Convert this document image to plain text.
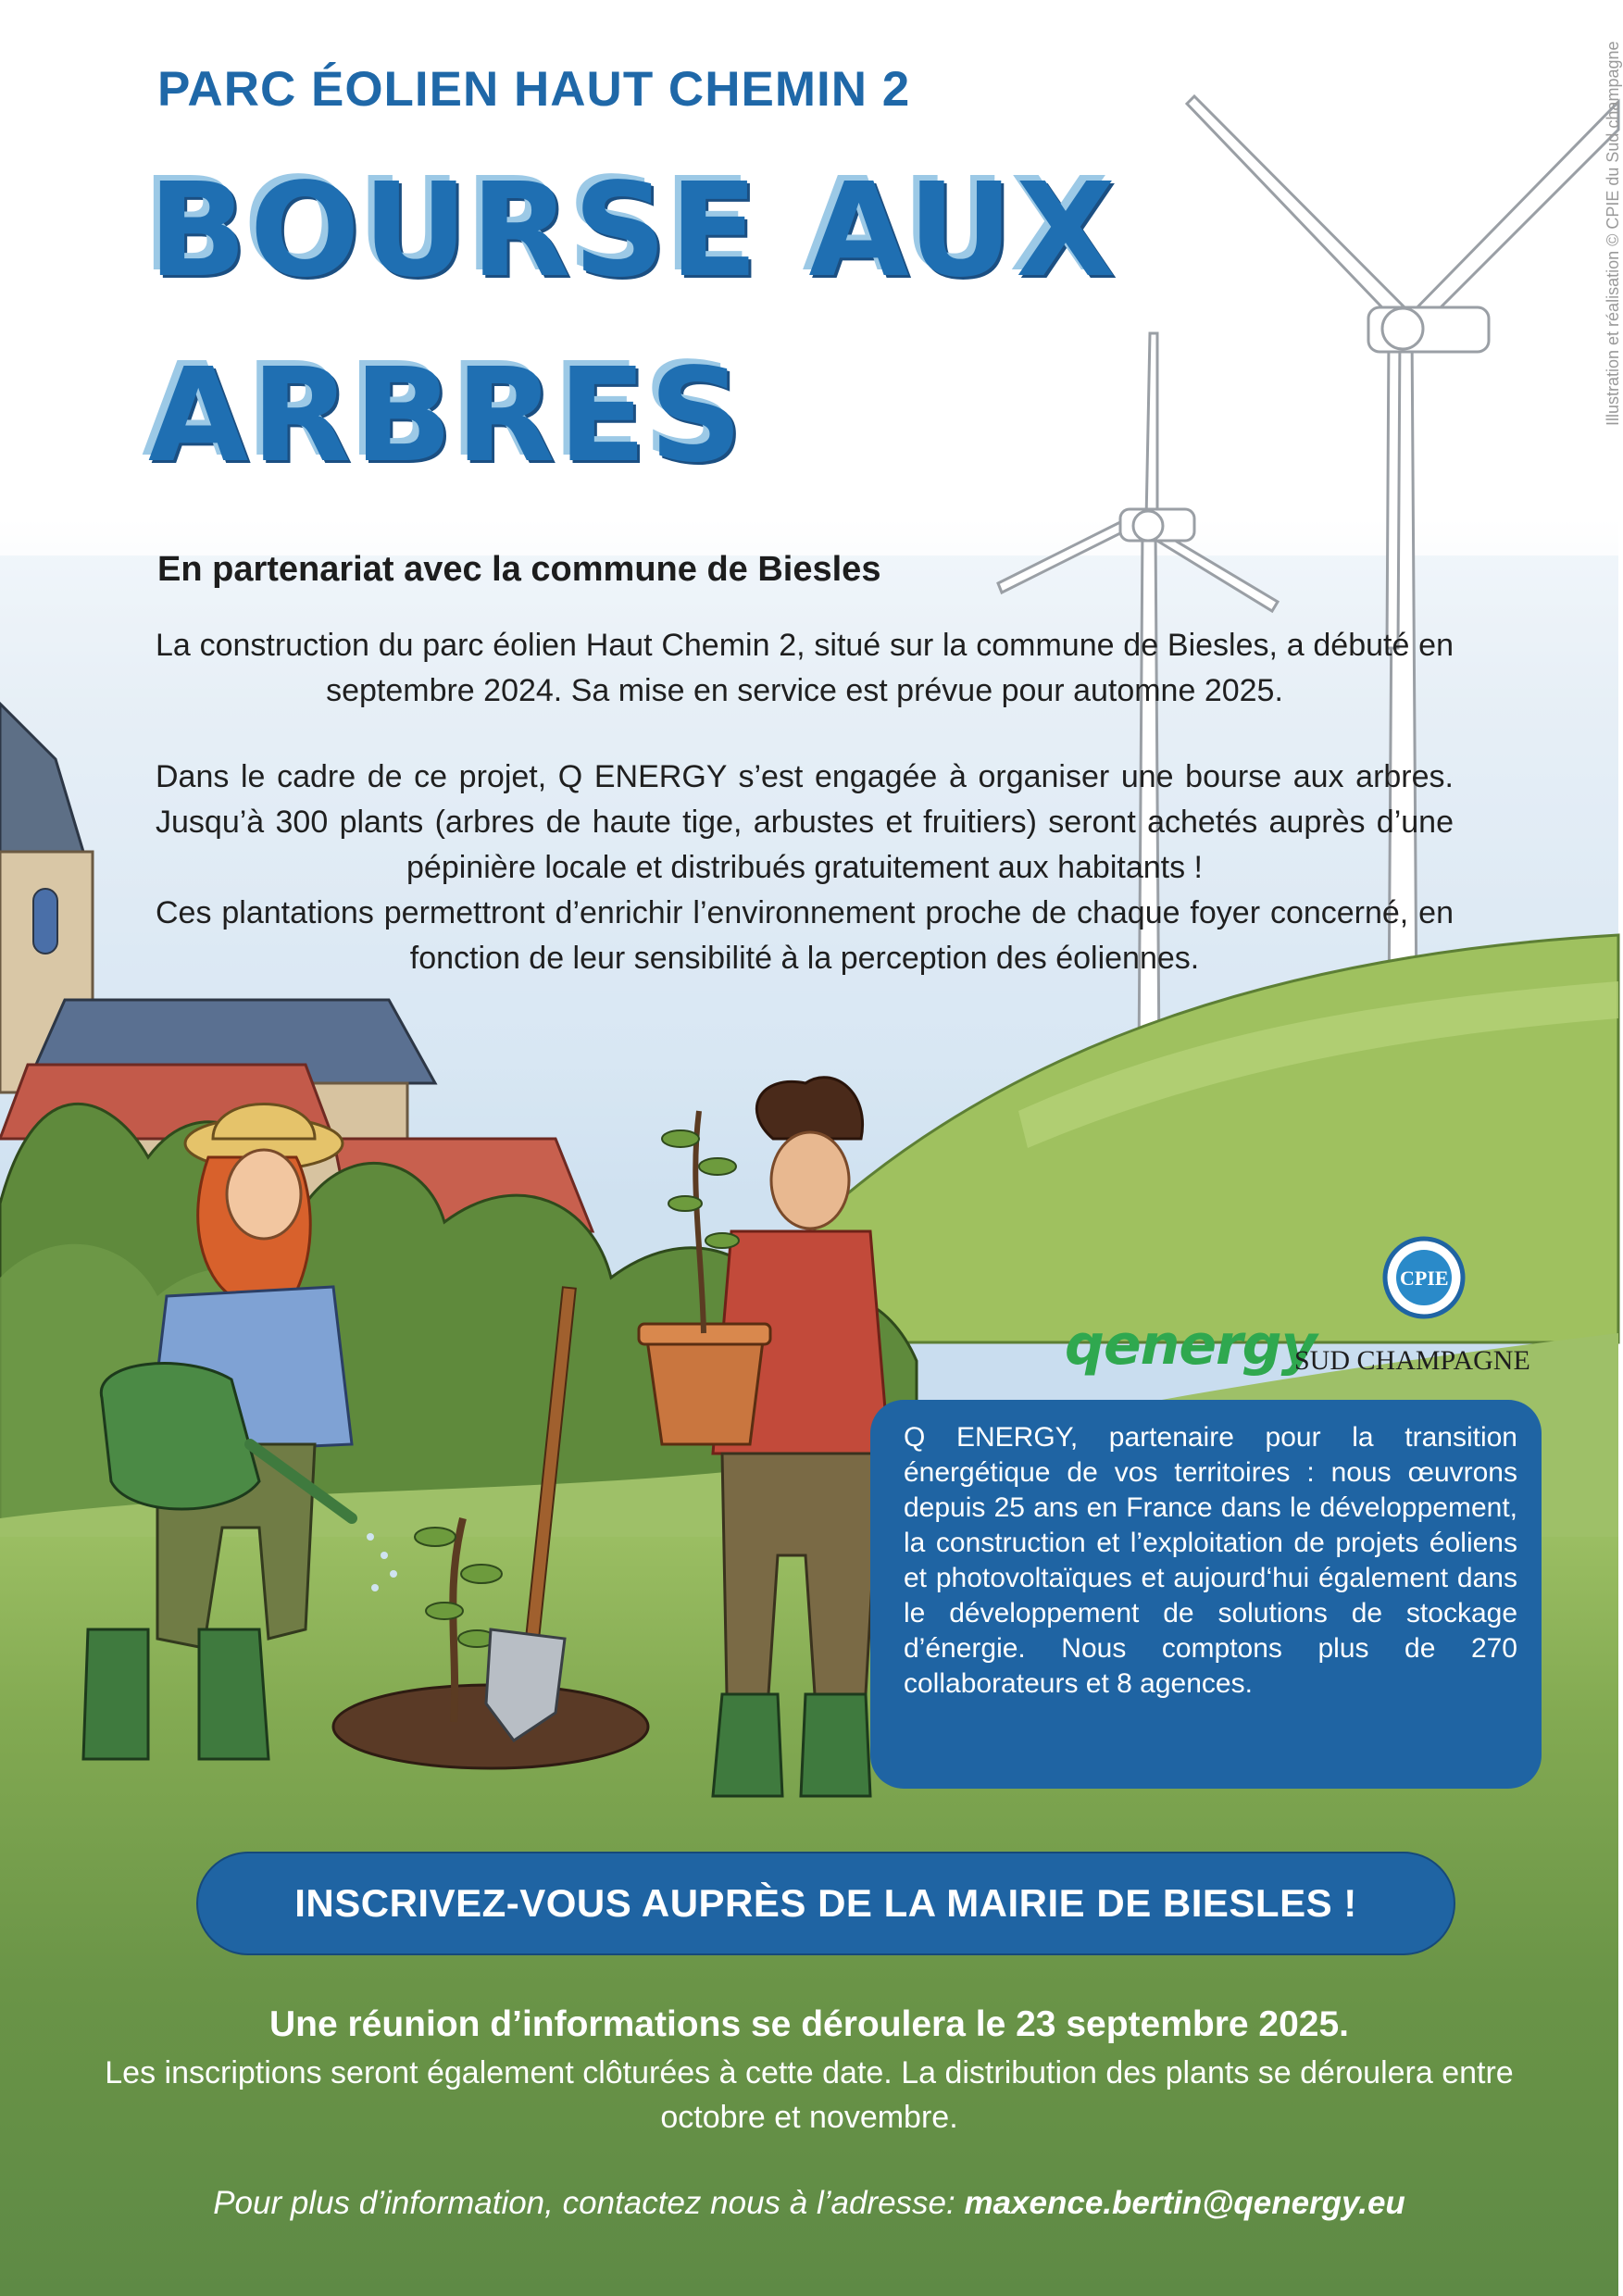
PARC ÉOLIEN HAUT CHEMIN 2
BOURSE AUX
ARBRES
En partenariat avec la commune de Biesles
La construction du parc éolien Haut Chemin 2, situé sur la commune de Biesles, a débuté en septembre 2024. Sa mise en service est prévue pour automne 2025.
Dans le cadre de ce projet, Q ENERGY s’est engagée à organiser une bourse aux arbres. Jusqu’à 300 plants (arbres de haute tige, arbustes et fruitiers) seront achetés auprès d’une pépinière locale et distribués gratuitement aux habitants !
Ces plantations permettront d’enrichir l’environnement proche de chaque foyer concerné, en fonction de leur sensibilité à la perception des éoliennes.
qenergy
CPIE
SUD CHAMPAGNE
Q ENERGY, partenaire pour la transition énergétique de vos territoires : nous œuvrons depuis 25 ans en France dans le développement, la construction et l’exploitation de projets éoliens et photovoltaïques et aujourd‘hui également dans le développement de solutions de stockage d’énergie. Nous comptons plus de 270 collaborateurs et 8 agences.
INSCRIVEZ-VOUS AUPRÈS DE LA MAIRIE DE BIESLES !
Une réunion d’informations se déroulera le 23 septembre 2025.
Les inscriptions seront également clôturées à cette date. La distribution des plants se déroulera entre octobre et novembre.
Pour plus d’information, contactez nous à l’adresse: maxence.bertin@qenergy.eu
Illustration et réalisation © CPIE du Sud champagne
